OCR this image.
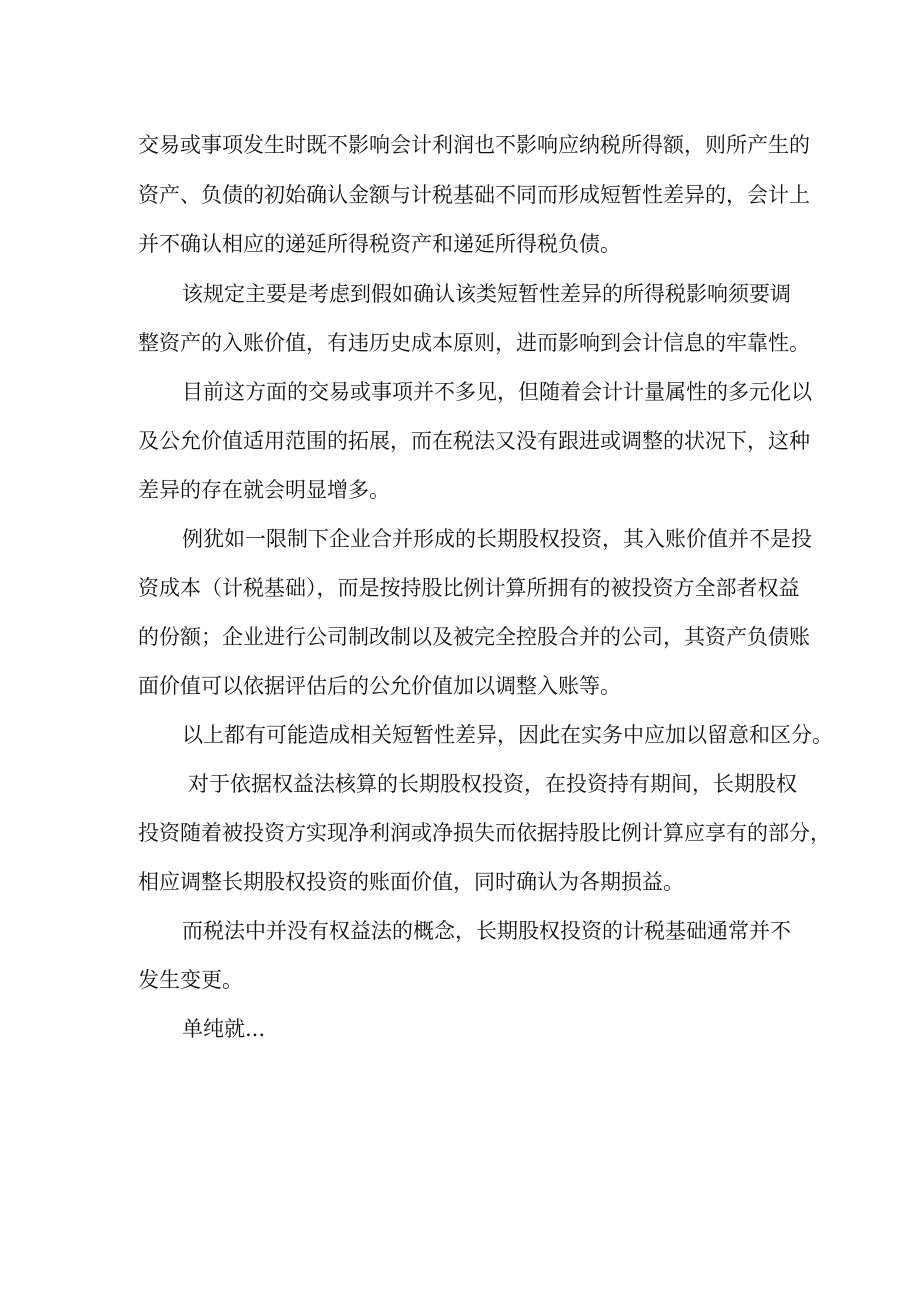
交易或事项发生时既不影响会计利润也不影响应纳税所得额，则所产生的
资产、负债的初始确认金额与计税基础不同而形成短暂性差异的，会计上
并不确认相应的递延所得税资产和递延所得税负债。
该规定主要是考虑到假如确认该类短暂性差异的所得税影响须要调
整资产的入账价值，有违历史成本原则，进而影响到会计信息的牢靠性。
目前这方面的交易或事项并不多见，但随着会计计量属性的多元化以
及公允价值适用范围的拓展，而在税法又没有跟进或调整的状况下，这种
差异的存在就会明显增多。
例犹如一限制下企业合并形成的长期股权投资，其入账价值并不是投
资成本（计税基础），而是按持股比例计算所拥有的被投资方全部者权益
的份额；企业进行公司制改制以及被完全控股合并的公司，其资产负债账
面价值可以依据评估后的公允价值加以调整入账等。
以上都有可能造成相关短暂性差异，因此在实务中应加以留意和区分。
对于依据权益法核算的长期股权投资，在投资持有期间，长期股权
投资随着被投资方实现净利润或净损失而依据持股比例计算应享有的部分，
相应调整长期股权投资的账面价值，同时确认为各期损益。
而税法中并没有权益法的概念，长期股权投资的计税基础通常并不
发生变更。
单纯就...
